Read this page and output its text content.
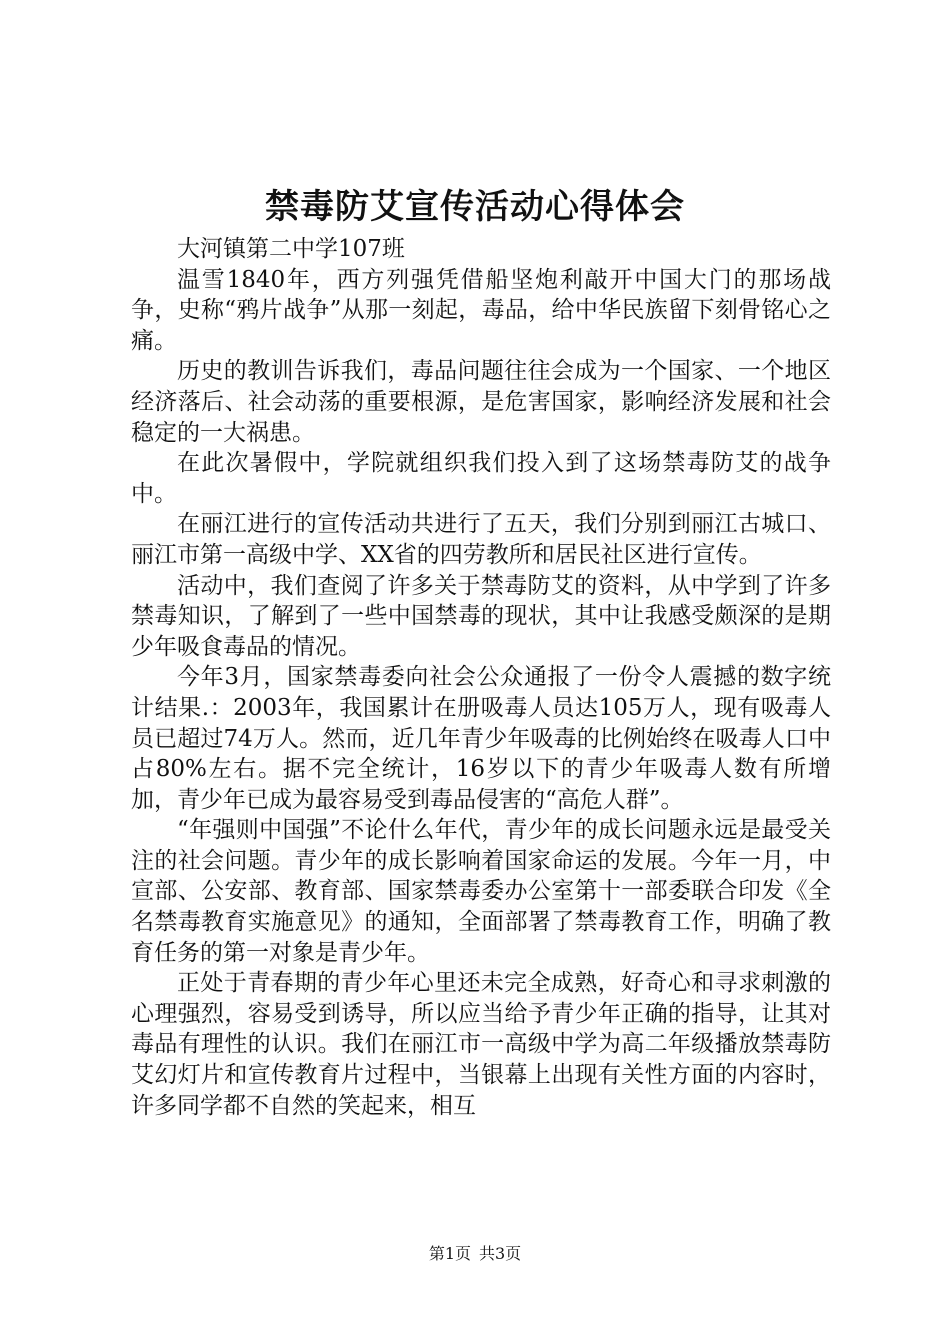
禁毒防艾宣传活动心得体会

大河镇第二中学107班

温雪1840年，西方列强凭借船坚炮利敲开中国大门的那场战争，史称“鸦片战争”从那一刻起，毒品，给中华民族留下刻骨铭心之痛。

历史的教训告诉我们，毒品问题往往会成为一个国家、一个地区经济落后、社会动荡的重要根源，是危害国家，影响经济发展和社会稳定的一大祸患。

在此次暑假中，学院就组织我们投入到了这场禁毒防艾的战争中。

在丽江进行的宣传活动共进行了五天，我们分别到丽江古城口、丽江市第一高级中学、XX省的四劳教所和居民社区进行宣传。

活动中，我们查阅了许多关于禁毒防艾的资料，从中学到了许多禁毒知识，了解到了一些中国禁毒的现状，其中让我感受颇深的是期少年吸食毒品的情况。

今年3月，国家禁毒委向社会公众通报了一份令人震撼的数字统计结果.：2003年，我国累计在册吸毒人员达105万人，现有吸毒人员已超过74万人。然而，近几年青少年吸毒的比例始终在吸毒人口中占80%左右。据不完全统计，16岁以下的青少年吸毒人数有所增加，青少年已成为最容易受到毒品侵害的“高危人群”。

“年强则中国强”不论什么年代，青少年的成长问题永远是最受关注的社会问题。青少年的成长影响着国家命运的发展。今年一月，中宣部、公安部、教育部、国家禁毒委办公室第十一部委联合印发《全名禁毒教育实施意见》的通知，全面部署了禁毒教育工作，明确了教育任务的第一对象是青少年。

正处于青春期的青少年心里还未完全成熟，好奇心和寻求刺激的心理强烈，容易受到诱导，所以应当给予青少年正确的指导，让其对毒品有理性的认识。我们在丽江市一高级中学为高二年级播放禁毒防艾幻灯片和宣传教育片过程中，当银幕上出现有关性方面的内容时，许多同学都不自然的笑起来，相互

第1页 共3页
